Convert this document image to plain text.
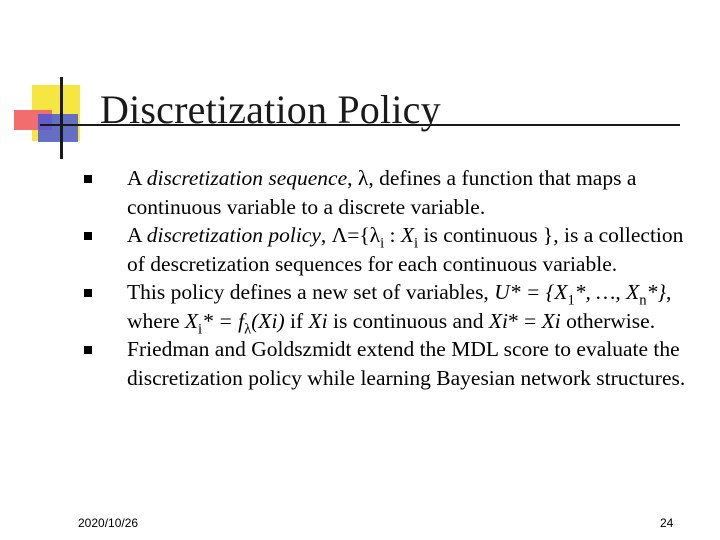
Discretization Policy
A discretization sequence, λ, defines a function that maps a continuous variable to a discrete variable.
A discretization policy, $\Lambda=\{\lambda_i$ : $X_i$ is continuous }, is a collection of descretization sequences for each continuous variable.
This policy defines a new set of variables, $U* = \{X_1*$, …, $X_n*$}, where $X_i* = f_\lambda(Xi)$ if Xi is continuous and Xi* = Xi otherwise.
Friedman and Goldszmidt extend the MDL score to evaluate the discretization policy while learning Bayesian network structures.
2020/10/26	24
